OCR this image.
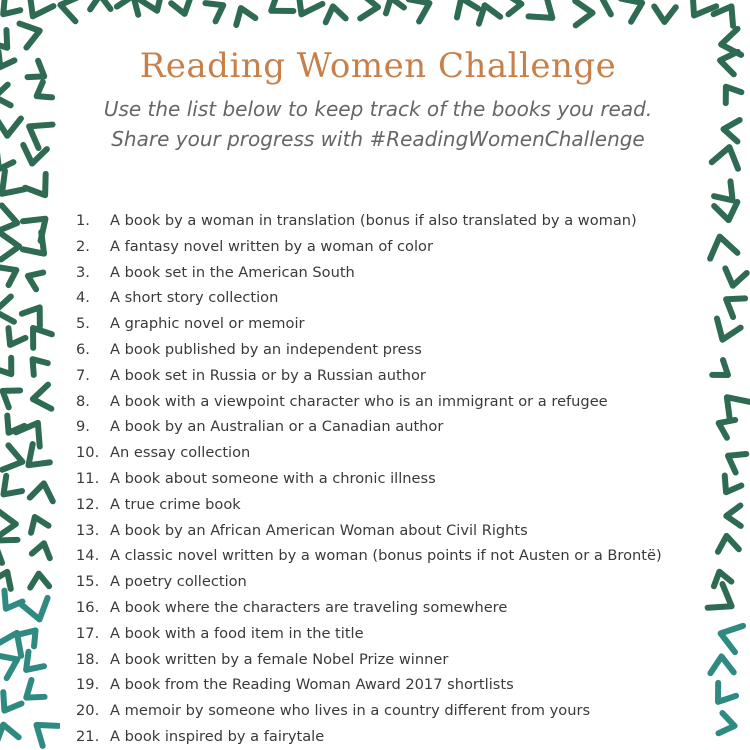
Reading Women Challenge
Use the list below to keep track of the books you read.
Share your progress with #ReadingWomenChallenge
1.	A book by a woman in translation (bonus if also translated by a woman)
2.	A fantasy novel written by a woman of color
3.	A book set in the American South
4.	A short story collection
5.	A graphic novel or memoir
6.	A book published by an independent press
7.	A book set in Russia or by a Russian author
8.	A book with a viewpoint character who is an immigrant or a refugee
9.	A book by an Australian or a Canadian author
10. An essay collection
11. A book about someone with a chronic illness
12. A true crime book
13. A book by an African American Woman about Civil Rights
14. A classic novel written by a woman (bonus points if not Austen or a Brontë)
15. A poetry collection
16. A book where the characters are traveling somewhere
17. A book with a food item in the title
18. A book written by a female Nobel Prize winner
19. A book from the Reading Woman Award 2017 shortlists
20. A memoir by someone who lives in a country different from yours
21. A book inspired by a fairytale
